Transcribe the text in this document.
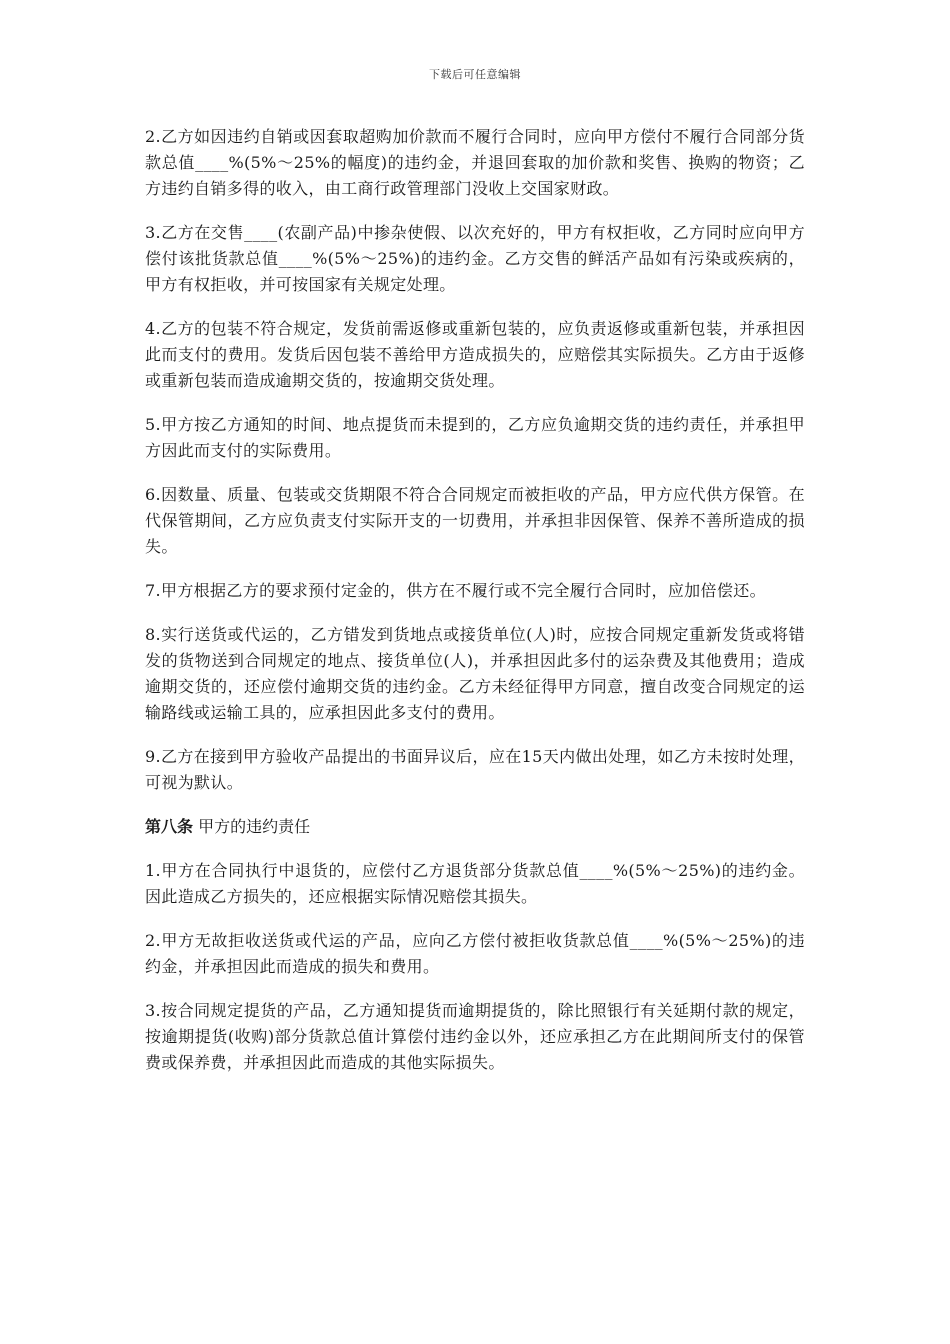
下载后可任意编辑

2.乙方如因违约自销或因套取超购加价款而不履行合同时，应向甲方偿付不履行合同部分货款总值____%(5%～25%的幅度)的违约金，并退回套取的加价款和奖售、换购的物资；乙方违约自销多得的收入，由工商行政管理部门没收上交国家财政。

3.乙方在交售____(农副产品)中掺杂使假、以次充好的，甲方有权拒收，乙方同时应向甲方偿付该批货款总值____%(5%～25%)的违约金。乙方交售的鲜活产品如有污染或疾病的，甲方有权拒收，并可按国家有关规定处理。

4.乙方的包装不符合规定，发货前需返修或重新包装的，应负责返修或重新包装，并承担因此而支付的费用。发货后因包装不善给甲方造成损失的，应赔偿其实际损失。乙方由于返修或重新包装而造成逾期交货的，按逾期交货处理。

5.甲方按乙方通知的时间、地点提货而未提到的，乙方应负逾期交货的违约责任，并承担甲方因此而支付的实际费用。

6.因数量、质量、包装或交货期限不符合合同规定而被拒收的产品，甲方应代供方保管。在代保管期间，乙方应负责支付实际开支的一切费用，并承担非因保管、保养不善所造成的损失。

7.甲方根据乙方的要求预付定金的，供方在不履行或不完全履行合同时，应加倍偿还。

8.实行送货或代运的，乙方错发到货地点或接货单位(人)时，应按合同规定重新发货或将错发的货物送到合同规定的地点、接货单位(人)，并承担因此多付的运杂费及其他费用；造成逾期交货的，还应偿付逾期交货的违约金。乙方未经征得甲方同意，擅自改变合同规定的运输路线或运输工具的，应承担因此多支付的费用。

9.乙方在接到甲方验收产品提出的书面异议后，应在15天内做出处理，如乙方未按时处理，可视为默认。

第八条 甲方的违约责任

1.甲方在合同执行中退货的，应偿付乙方退货部分货款总值____%(5%～25%)的违约金。因此造成乙方损失的，还应根据实际情况赔偿其损失。

2.甲方无故拒收送货或代运的产品，应向乙方偿付被拒收货款总值____%(5%～25%)的违约金，并承担因此而造成的损失和费用。

3.按合同规定提货的产品，乙方通知提货而逾期提货的，除比照银行有关延期付款的规定，按逾期提货(收购)部分货款总值计算偿付违约金以外，还应承担乙方在此期间所支付的保管费或保养费，并承担因此而造成的其他实际损失。
